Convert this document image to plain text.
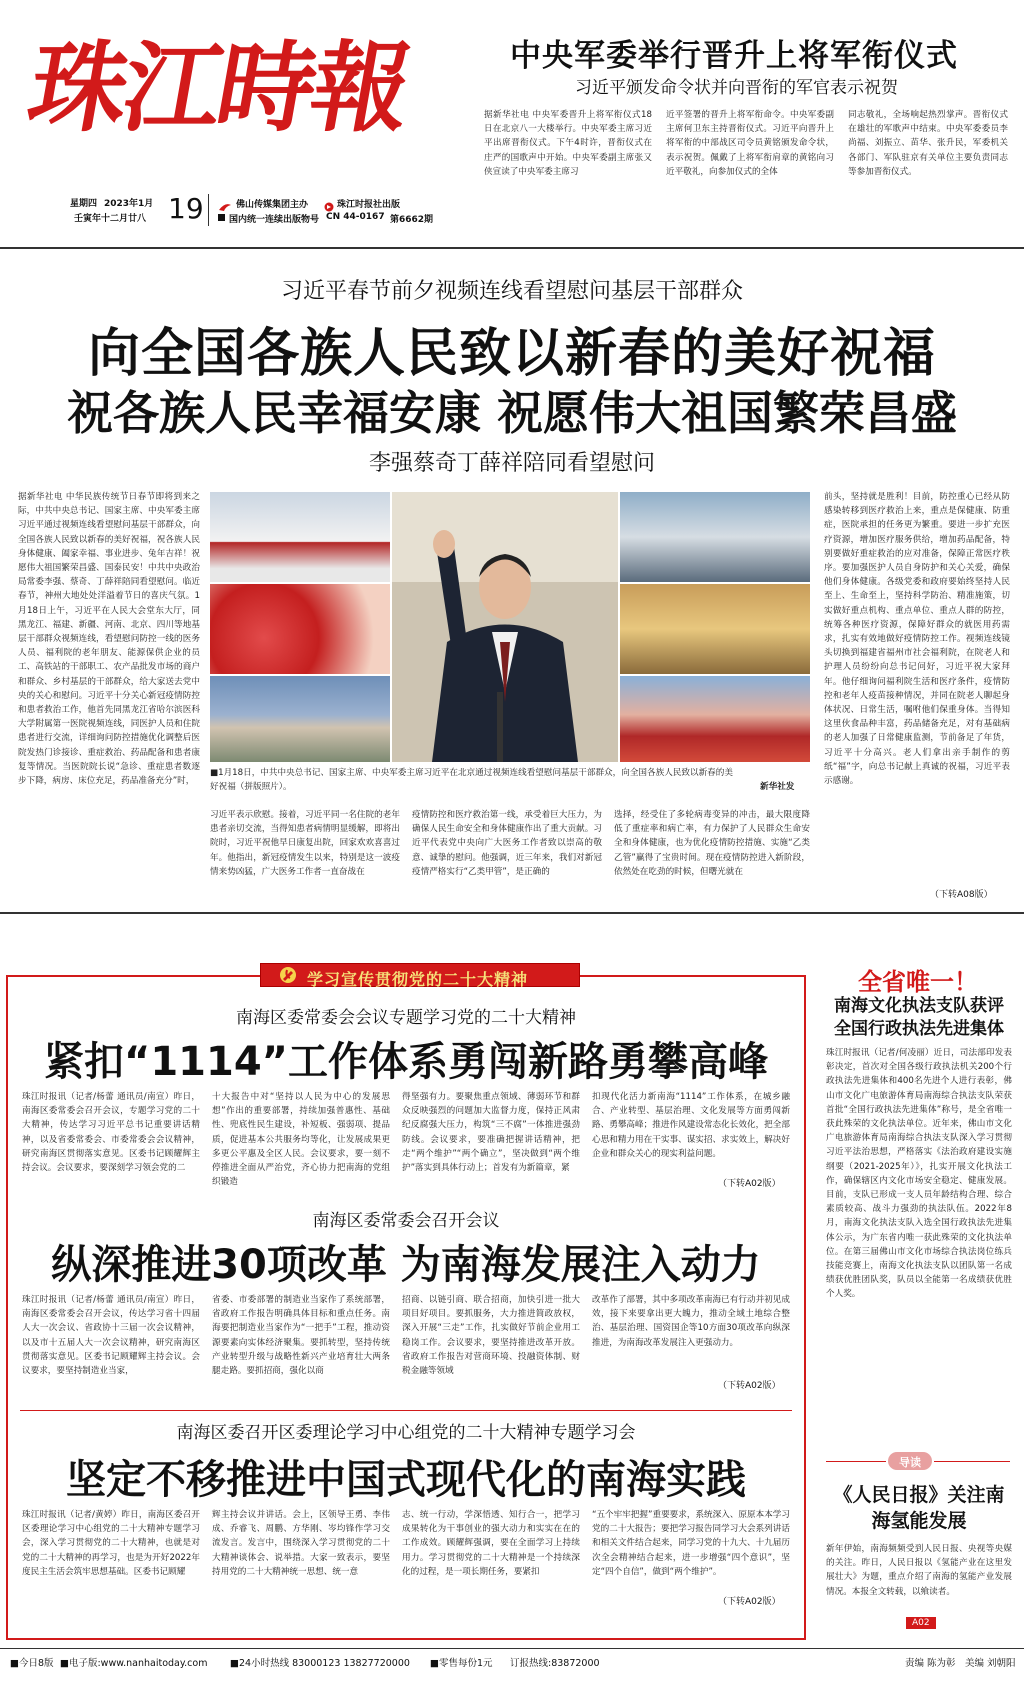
珠江時報
星期四 2023年1月
壬寅年十二月廿八 19	佛山传媒集团主办	珠江时报社出版
国内统一连续出版物号 CN 44-0167 第6662期
中央军委举行晋升上将军衔仪式
习近平颁发命令状并向晋衔的军官表示祝贺
据新华社电 中央军委晋升上将军衔仪式18日在北京八一大楼举行。中央军委主席习近平出席晋衔仪式。下午4时许，晋衔仪式在庄严的国歌声中开始。中央军委副主席张又侠宣读了中央军委主席习
近平签署的晋升上将军衔命令。中央军委副主席何卫东主持晋衔仪式。习近平向晋升上将军衔的中部战区司令员黄铭颁发命令状，表示祝贺。佩戴了上将军衔肩章的黄铭向习近平敬礼，向参加仪式的全体
同志敬礼，全场响起热烈掌声。晋衔仪式在雄壮的军歌声中结束。中央军委委员李尚福、刘振立、苗华、张升民，军委机关各部门、军队驻京有关单位主要负责同志等参加晋衔仪式。
习近平春节前夕视频连线看望慰问基层干部群众
向全国各族人民致以新春的美好祝福
祝各族人民幸福安康 祝愿伟大祖国繁荣昌盛
李强蔡奇丁薛祥陪同看望慰问
据新华社电 中华民族传统节日春节即将到来之际，中共中央总书记、国家主席、中央军委主席习近平通过视频连线看望慰问基层干部群众，向全国各族人民致以新春的美好祝福，祝各族人民身体健康、阖家幸福、事业进步、兔年吉祥！祝愿伟大祖国繁荣昌盛、国泰民安！中共中央政治局常委李强、蔡奇、丁薛祥陪同看望慰问。临近春节，神州大地处处洋溢着节日的喜庆气氛。1月18日上午，习近平在人民大会堂东大厅，同黑龙江、福建、新疆、河南、北京、四川等地基层干部群众视频连线，看望慰问防控一线的医务人员、福利院的老年朋友、能源保供企业的员工、高铁站的干部职工、农产品批发市场的商户和群众、乡村基层的干部群众，给大家送去党中央的关心和慰问。习近平十分关心新冠疫情防控和患者救治工作，他首先同黑龙江省哈尔滨医科大学附属第一医院视频连线，同医护人员和住院患者进行交流，详细询问防控措施优化调整后医院发热门诊接诊、重症救治、药品配备和患者康复等情况。当医院院长说“急诊、重症患者数逐步下降，病房、床位充足，药品准备充分”时，
■1月18日，中共中央总书记、国家主席、中央军委主席习近平在北京通过视频连线看望慰问基层干部群众，向全国各族人民致以新春的美好祝福（拼版照片）。	新华社发
习近平表示欣慰。接着，习近平同一名住院的老年患者亲切交流，当得知患者病情明显缓解，即将出院时，习近平祝他早日康复出院，回家欢欢喜喜过年。他指出，新冠疫情发生以来，特别是这一波疫情来势凶猛，广大医务工作者一直奋战在
疫情防控和医疗救治第一线，承受着巨大压力，为确保人民生命安全和身体健康作出了重大贡献。习近平代表党中央向广大医务工作者致以崇高的敬意、诚挚的慰问。他强调，近三年来，我们对新冠疫情严格实行“乙类甲管”，是正确的
选择，经受住了多轮病毒变异的冲击，最大限度降低了重症率和病亡率，有力保护了人民群众生命安全和身体健康，也为优化疫情防控措施、实施“乙类乙管”赢得了宝贵时间。现在疫情防控进入新阶段，依然处在吃劲的时候，但曙光就在
前头，坚持就是胜利！目前，防控重心已经从防感染转移到医疗救治上来，重点是保健康、防重症，医院承担的任务更为繁重。要进一步扩充医疗资源，增加医疗服务供给，增加药品配备，特别要做好重症救治的应对准备，保障正常医疗秩序。要加强医护人员自身防护和关心关爱，确保他们身体健康。各级党委和政府要始终坚持人民至上、生命至上，坚持科学防治、精准施策，切实做好重点机构、重点单位、重点人群的防控，统筹各种医疗资源，保障好群众的就医用药需求，扎实有效地做好疫情防控工作。视频连线镜头切换到福建省福州市社会福利院，在院老人和护理人员纷纷向总书记问好，习近平祝大家拜年。他仔细询问福利院生活和医疗条件，疫情防控和老年人疫苗接种情况，并同在院老人聊起身体状况、日常生活，嘱咐他们保重身体。当得知这里伙食品种丰富，药品储备充足，对有基础病的老人加强了日常健康监测，节前备足了年货，习近平十分高兴。老人们拿出亲手制作的剪纸“福”字，向总书记献上真诚的祝福，习近平表示感谢。
（下转A08版）
学习宣传贯彻党的二十大精神
南海区委常委会会议专题学习党的二十大精神
紧扣“1114”工作体系勇闯新路勇攀高峰
珠江时报讯（记者/杨蕾 通讯员/南宣）昨日，南海区委常委会召开会议，专题学习党的二十大精神，传达学习习近平总书记重要讲话精神，以及省委常委会、市委常委会会议精神，研究南海区贯彻落实意见。区委书记顾耀辉主持会议。会议要求，要深刻学习领会党的二
十大报告中对“坚持以人民为中心的发展思想”作出的重要部署，持续加强普惠性、基础性、兜底性民生建设，补短板、强弱项、提品质，促进基本公共服务均等化，让发展成果更多更公平惠及全区人民。会议要求，要一刻不停推进全面从严治党，齐心协力把南海的党组织锻造
得坚强有力。要聚焦重点领域、薄弱环节和群众反映强烈的问题加大监督力度，保持正风肃纪反腐强大压力，构筑“三不腐”一体推进强劲防线。会议要求，要准确把握讲话精神，把走“两个维护”“两个确立”，坚决做到“两个维护”落实到具体行动上；首发有为新篇章，紧
扣现代化活力新南海“1114”工作体系，在城乡融合、产业转型、基层治理、文化发展等方面勇闯新路、勇攀高峰；推进作风建设常态化长效化，把全部心思和精力用在干实事、谋实招、求实效上，解决好企业和群众关心的现实利益问题。
（下转A02版）
南海区委常委会召开会议
纵深推进30项改革 为南海发展注入动力
珠江时报讯（记者/杨蕾 通讯员/南宣）昨日，南海区委常委会召开会议，传达学习省十四届人大一次会议、省政协十三届一次会议精神，以及市十五届人大一次会议精神，研究南海区贯彻落实意见。区委书记顾耀辉主持会议。会议要求，要坚持制造业当家，
省委、市委部署的制造业当家作了系统部署，省政府工作报告明确具体目标和重点任务。南海要把制造业当家作为“一把手”工程，推动资源要素向实体经济聚集。要抓转型，坚持传统产业转型升级与战略性新兴产业培育壮大两条腿走路。要抓招商，强化以商
招商、以链引商、联合招商，加快引进一批大项目好项目。要抓服务，大力推进简政放权，深入开展“三走”工作，扎实做好节前企业用工稳岗工作。会议要求，要坚持推进改革开放。省政府工作报告对营商环境、投融资体制、财税金融等领域
改革作了部署，其中多项改革南海已有行动并初见成效，接下来要拿出更大魄力，推动全域土地综合整治、基层治理、国资国企等10方面30项改革向纵深推进，为南海改革发展注入更强动力。
（下转A02版）
南海区委召开区委理论学习中心组党的二十大精神专题学习会
坚定不移推进中国式现代化的南海实践
珠江时报讯（记者/黄婷）昨日，南海区委召开区委理论学习中心组党的二十大精神专题学习会，深入学习贯彻党的二十大精神，也就是对党的二十大精神的再学习，也是为开好2022年度民主生活会筑牢思想基础。区委书记顾耀
辉主持会议并讲话。会上，区领导王勇、李伟成、乔睿飞、周鹏、方华刚、岑均锋作学习交流发言。发言中，围绕深入学习贯彻党的二十大精神谈体会、说举措。大家一致表示，要坚持用党的二十大精神统一思想、统一意
志、统一行动，学深悟透、知行合一，把学习成果转化为干事创业的强大动力和实实在在的工作成效。顾耀辉强调，要在全面学习上持续用力。学习贯彻党的二十大精神是一个持续深化的过程，是一项长期任务，要紧扣
“五个牢牢把握”重要要求，系统深入、原原本本学习党的二十大报告；要把学习报告同学习大会系列讲话和相关文件结合起来，同学习党的十九大、十九届历次全会精神结合起来，进一步增强“四个意识”，坚定“四个自信”，做到“两个维护”。
（下转A02版）
全省唯一！
南海文化执法支队获评全国行政执法先进集体
珠江时报讯（记者/何凌丽）近日，司法部印发表彰决定，首次对全国各级行政执法机关200个行政执法先进集体和400名先进个人进行表彰，佛山市文化广电旅游体育局南海综合执法支队荣获首批“全国行政执法先进集体”称号，是全省唯一获此殊荣的文化执法单位。近年来，佛山市文化广电旅游体育局南海综合执法支队深入学习贯彻习近平法治思想，严格落实《法治政府建设实施纲要（2021-2025年）》，扎实开展文化执法工作，确保辖区内文化市场安全稳定、健康发展。目前，支队已形成一支人员年龄结构合理、综合素质较高、战斗力强劲的执法队伍。2022年8月，南海文化执法支队入选全国行政执法先进集体公示，为广东省内唯一获此殊荣的文化执法单位。在第三届佛山市文化市场综合执法岗位练兵技能竞赛上，南海文化执法支队以团队第一名成绩获优胜团队奖，队员以全能第一名成绩获优胜个人奖。
导读
《人民日报》关注南海氢能发展
新年伊始，南海频频受到人民日报、央视等央媒的关注。昨日，人民日报以《氢能产业在这里发展壮大》为题，重点介绍了南海的氢能产业发展情况。本报全文转载，以飨读者。
A02
■今日8版 ■电子版:www.nanhaitoday.com ■24小时热线 83000123 13827720000 ■零售每份1元 订报热线:83872000	责编 陈为彰 美编 刘朝阳
